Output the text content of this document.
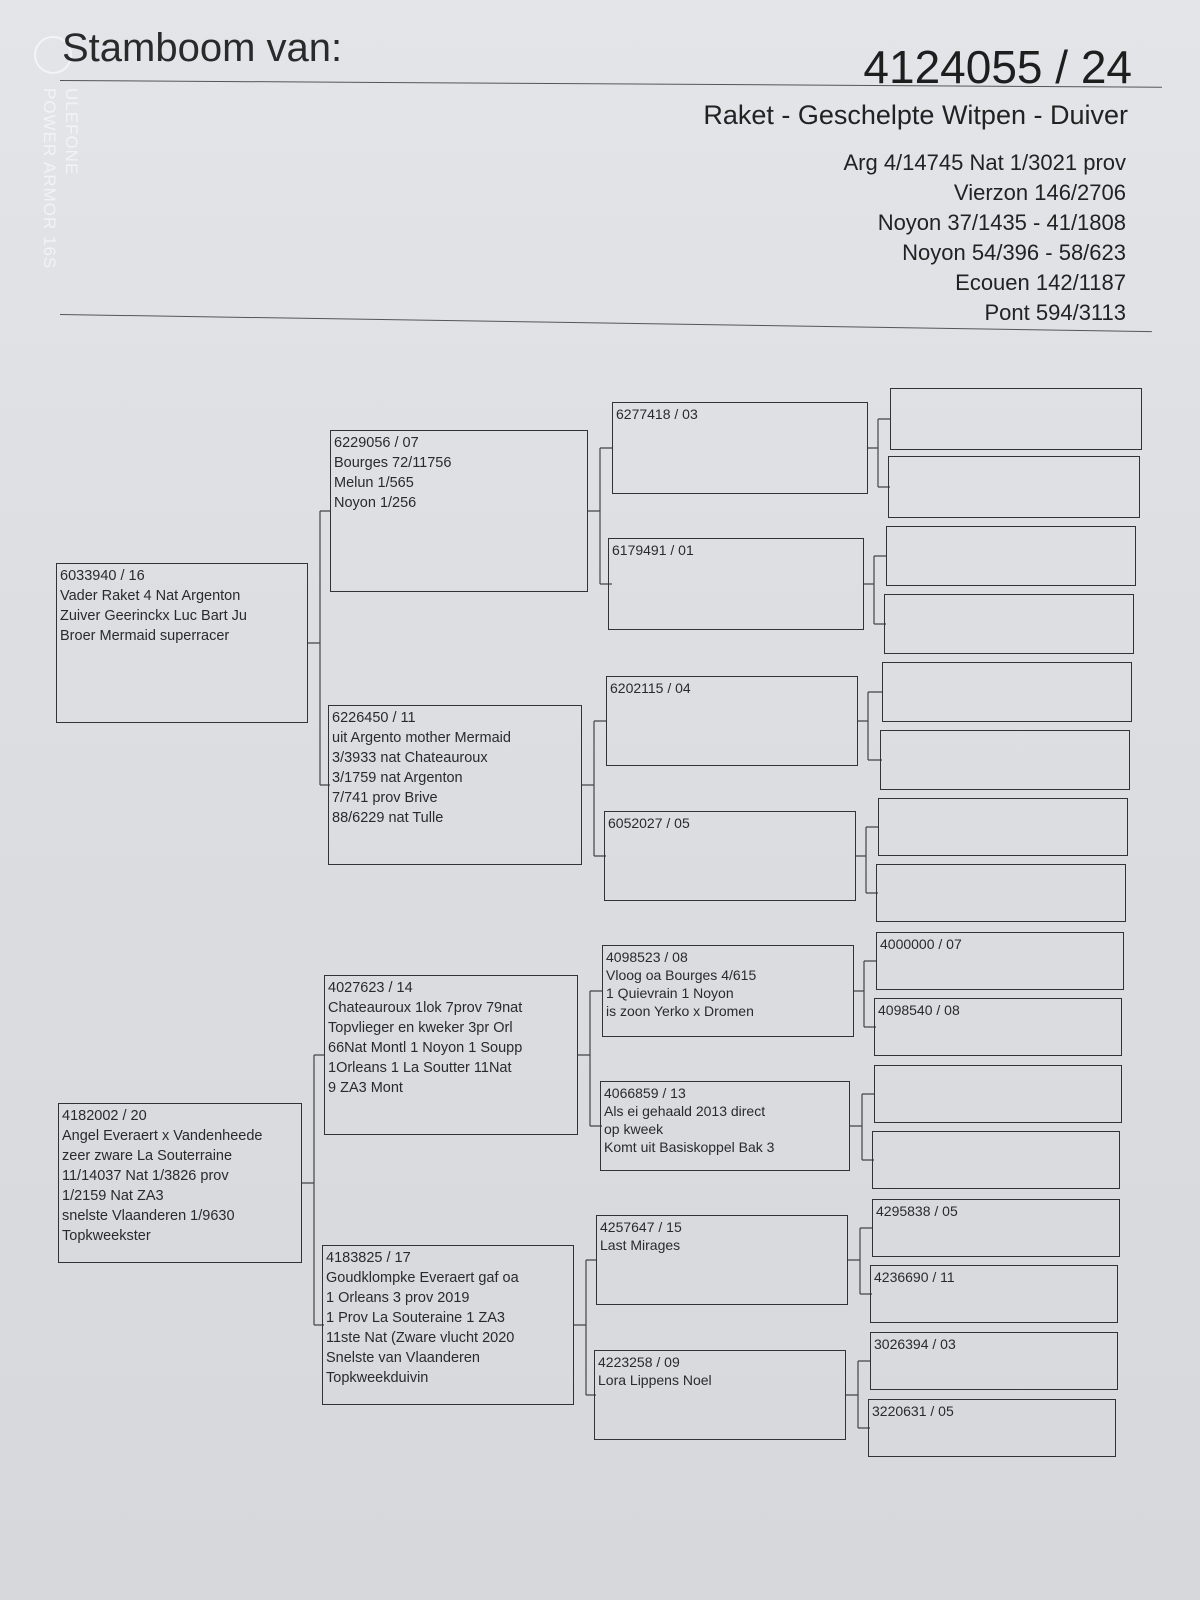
ULEFONE
POWER ARMOR 16S
Stamboom van:	4124055 / 24
Raket - Geschelpte Witpen - Duiver
Arg 4/14745 Nat 1/3021 prov
Vierzon 146/2706
Noyon 37/1435 - 41/1808
Noyon 54/396 - 58/623
Ecouen 142/1187
Pont 594/3113
6033940 / 16
Vader Raket 4 Nat Argenton
Zuiver Geerinckx Luc Bart Ju
Broer Mermaid superracer
4182002 / 20
Angel Everaert x Vandenheede
zeer zware La Souterraine
11/14037 Nat 1/3826 prov
1/2159 Nat ZA3
snelste Vlaanderen 1/9630
Topkweekster
6229056 / 07
Bourges 72/11756
Melun 1/565
Noyon 1/256
6226450 / 11
uit Argento mother Mermaid
3/3933 nat Chateauroux
3/1759 nat Argenton
7/741 prov Brive
88/6229 nat Tulle
4027623 / 14
Chateauroux 1lok 7prov 79nat
Topvlieger en kweker 3pr Orl
66Nat Montl 1 Noyon 1 Soupp
1Orleans 1 La Soutter 11Nat
9 ZA3 Mont
4183825 / 17
Goudklompke Everaert gaf oa
1 Orleans 3 prov 2019
1 Prov La Souteraine 1 ZA3
11ste Nat (Zware vlucht 2020
Snelste van Vlaanderen
Topkweekduivin
6277418 / 03
6179491 / 01
6202115 / 04
6052027 / 05
4098523 / 08
Vloog oa Bourges 4/615
1 Quievrain 1 Noyon
is zoon Yerko x Dromen
4066859 / 13
Als ei gehaald 2013 direct
op kweek
Komt uit Basiskoppel Bak 3
4257647 / 15
Last Mirages
4223258 / 09
Lora Lippens Noel
4000000 / 07
4098540 / 08
4295838 / 05
4236690 / 11
3026394 / 03
3220631 / 05
